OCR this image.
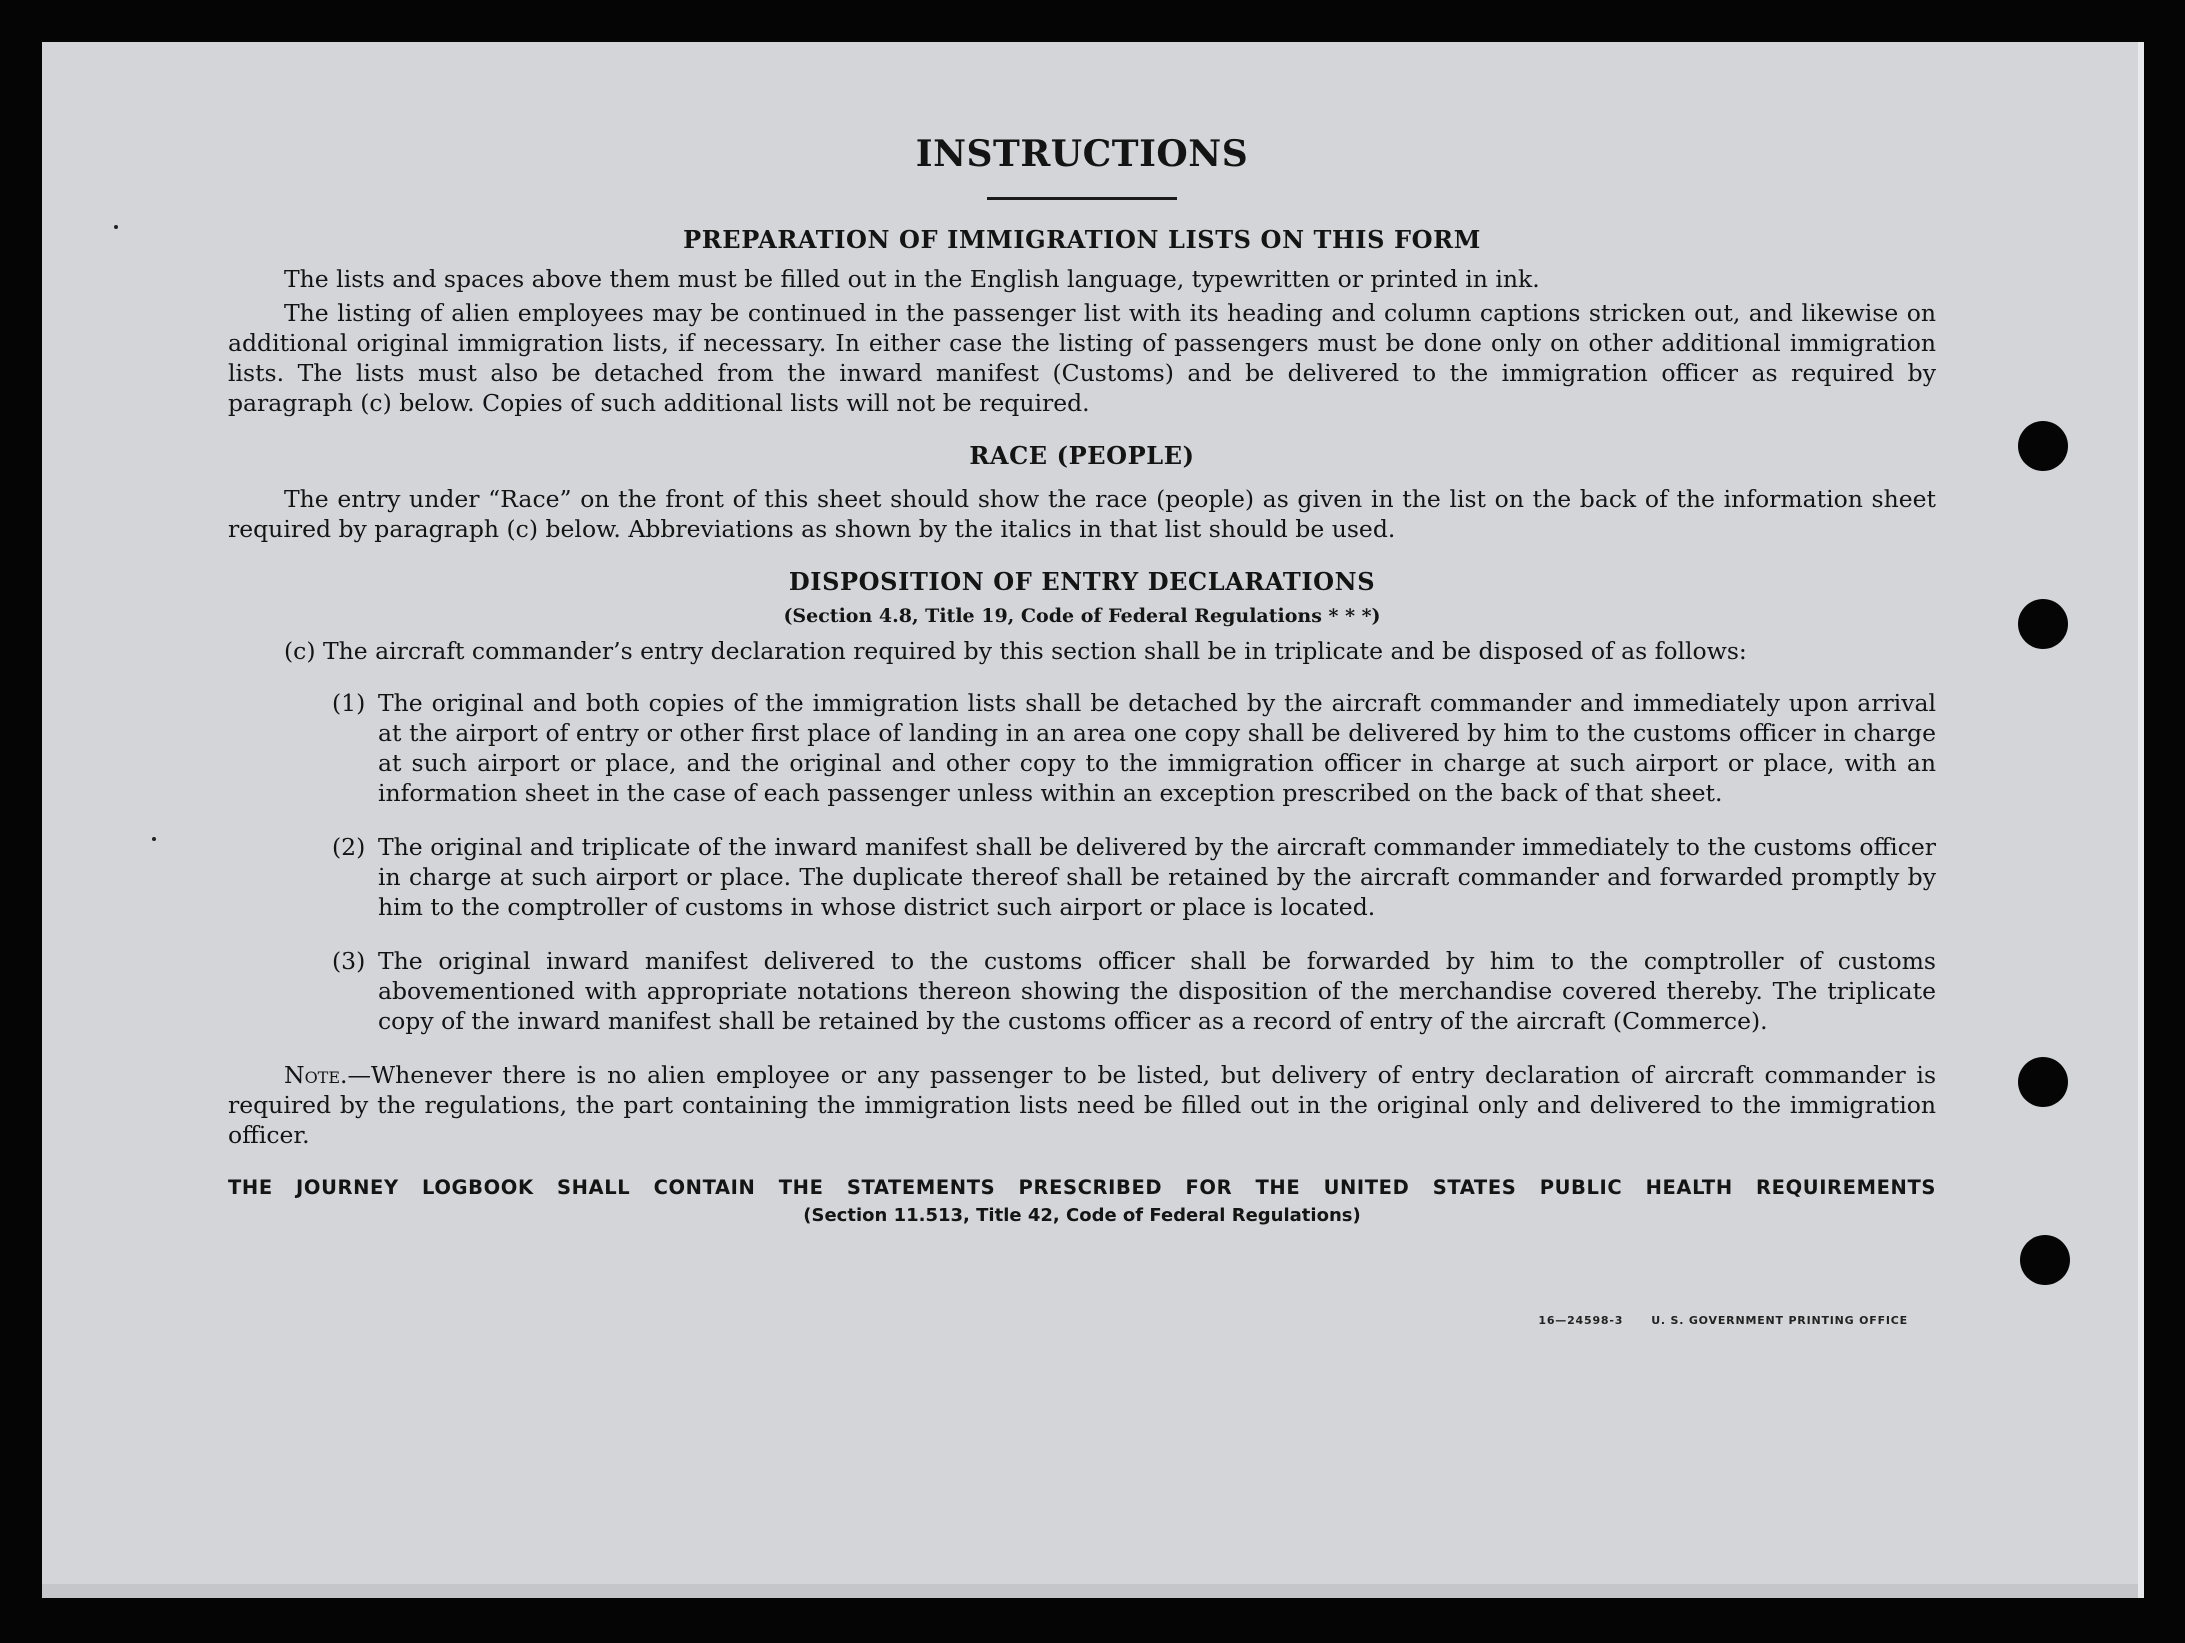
INSTRUCTIONS
PREPARATION OF IMMIGRATION LISTS ON THIS FORM

The lists and spaces above them must be filled out in the English language, typewritten or printed in ink.

The listing of alien employees may be continued in the passenger list with its heading and column captions stricken out, and likewise on additional original immigration lists, if necessary. In either case the listing of passengers must be done only on other additional immigration lists. The lists must also be detached from the inward manifest (Customs) and be delivered to the immigration officer as required by paragraph (c) below. Copies of such additional lists will not be required.

RACE (PEOPLE)

The entry under “Race” on the front of this sheet should show the race (people) as given in the list on the back of the information sheet required by paragraph (c) below. Abbreviations as shown by the italics in that list should be used.

DISPOSITION OF ENTRY DECLARATIONS
(Section 4.8, Title 19, Code of Federal Regulations * * *)
(c) The aircraft commander’s entry declaration required by this section shall be in triplicate and be disposed of as follows:
(1) The original and both copies of the immigration lists shall be detached by the aircraft commander and immediately upon arrival at the airport of entry or other first place of landing in an area one copy shall be delivered by him to the customs officer in charge at such airport or place, and the original and other copy to the immigration officer in charge at such airport or place, with an information sheet in the case of each passenger unless within an exception prescribed on the back of that sheet.
(2) The original and triplicate of the inward manifest shall be delivered by the aircraft commander immediately to the customs officer in charge at such airport or place. The duplicate thereof shall be retained by the aircraft commander and forwarded promptly by him to the comptroller of customs in whose district such airport or place is located.
(3) The original inward manifest delivered to the customs officer shall be forwarded by him to the comptroller of customs abovementioned with appropriate notations thereon showing the disposition of the merchandise covered thereby. The triplicate copy of the inward manifest shall be retained by the customs officer as a record of entry of the aircraft (Commerce).

Note.—Whenever there is no alien employee or any passenger to be listed, but delivery of entry declaration of aircraft commander is required by the regulations, the part containing the immigration lists need be filled out in the original only and delivered to the immigration officer.

THE JOURNEY LOGBOOK SHALL CONTAIN THE STATEMENTS PRESCRIBED FOR THE UNITED STATES PUBLIC HEALTH REQUIREMENTS
(Section 11.513, Title 42, Code of Federal Regulations)
16—24598-3	U. S. GOVERNMENT PRINTING OFFICE
